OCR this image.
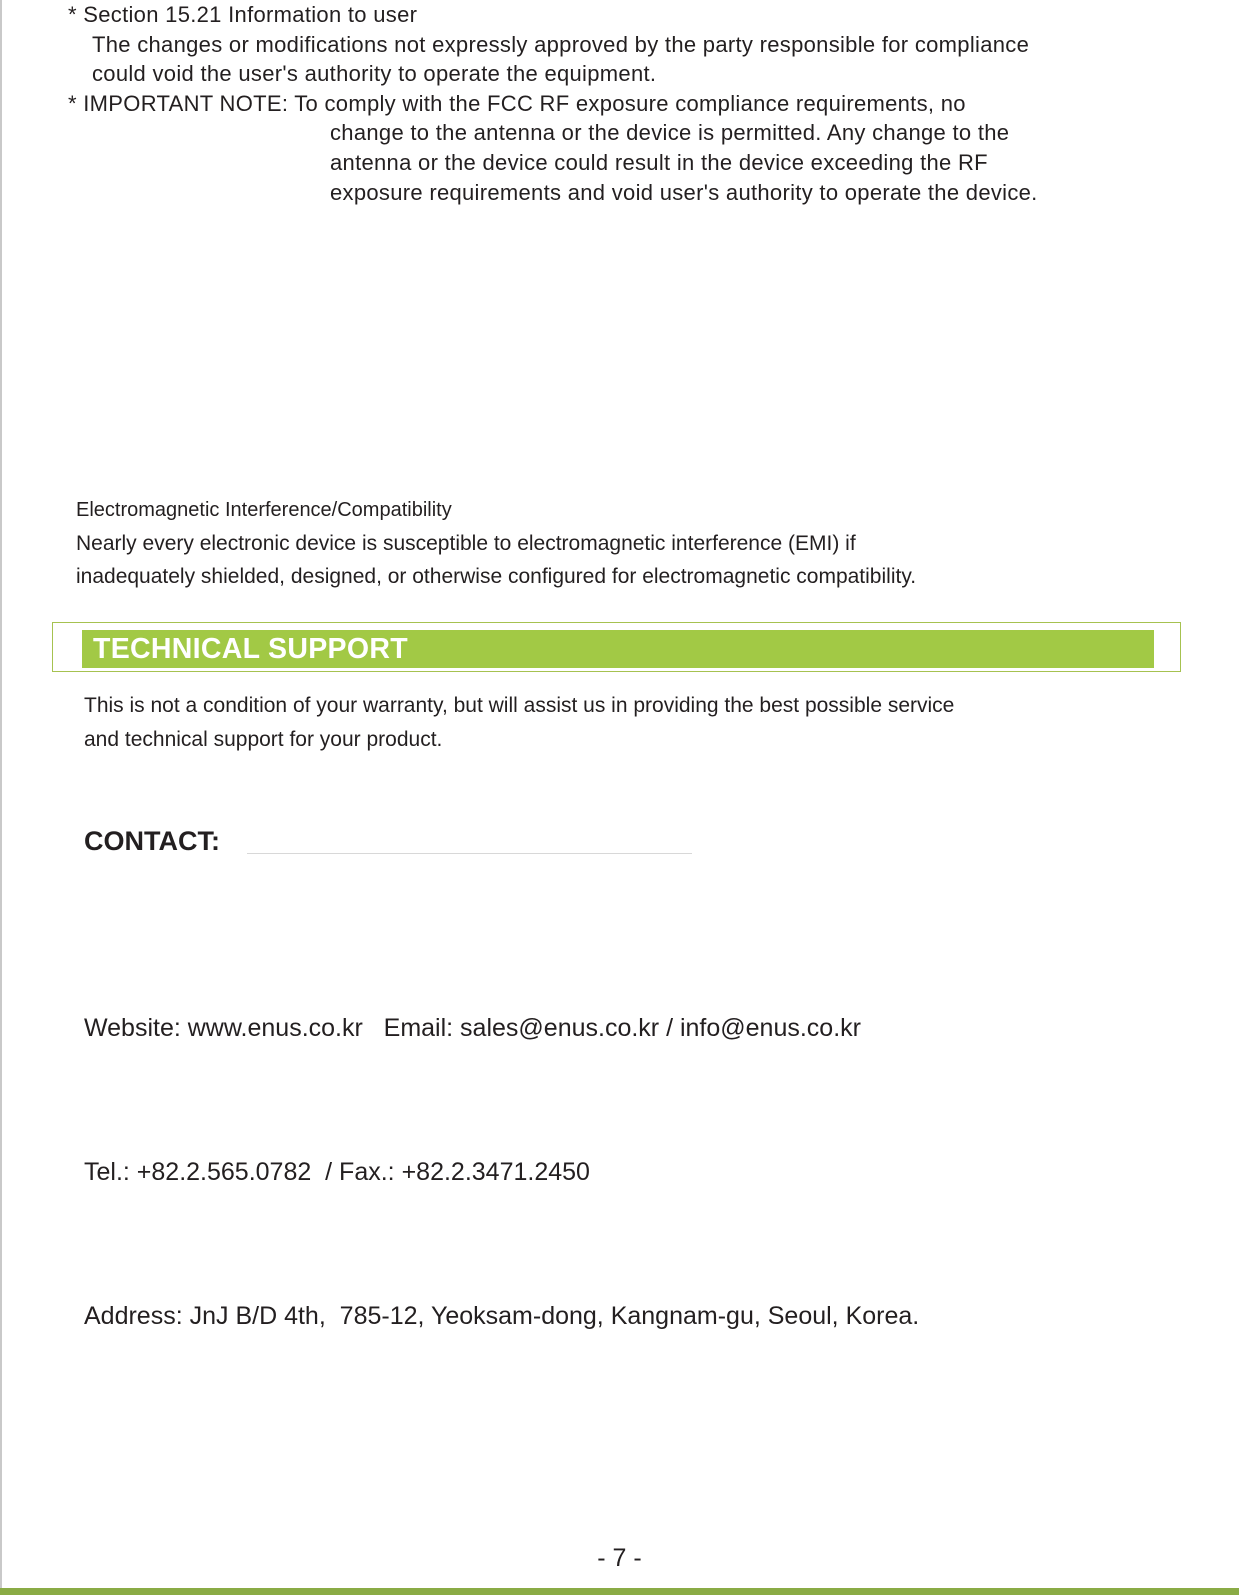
* Section 15.21 Information to user
The changes or modifications not expressly approved by the party responsible for compliance
could void the user's authority to operate the equipment.
* IMPORTANT NOTE: To comply with the FCC RF exposure compliance requirements, no
change to the antenna or the device is permitted. Any change to the
antenna or the device could result in the device exceeding the RF
exposure requirements and void user's authority to operate the device.
Electromagnetic Interference/Compatibility
Nearly every electronic device is susceptible to electromagnetic interference (EMI) if
inadequately shielded, designed, or otherwise configured for electromagnetic compatibility.
TECHNICAL SUPPORT
This is not a condition of your warranty, but will assist us in providing the best possible service
and technical support for your product.
CONTACT:

Website: www.enus.co.kr   Email: sales@enus.co.kr / info@enus.co.kr

Tel.: +82.2.565.0782  / Fax.: +82.2.3471.2450

Address: JnJ B/D 4th,  785-12, Yeoksam-dong, Kangnam-gu, Seoul, Korea.

- 7 -
